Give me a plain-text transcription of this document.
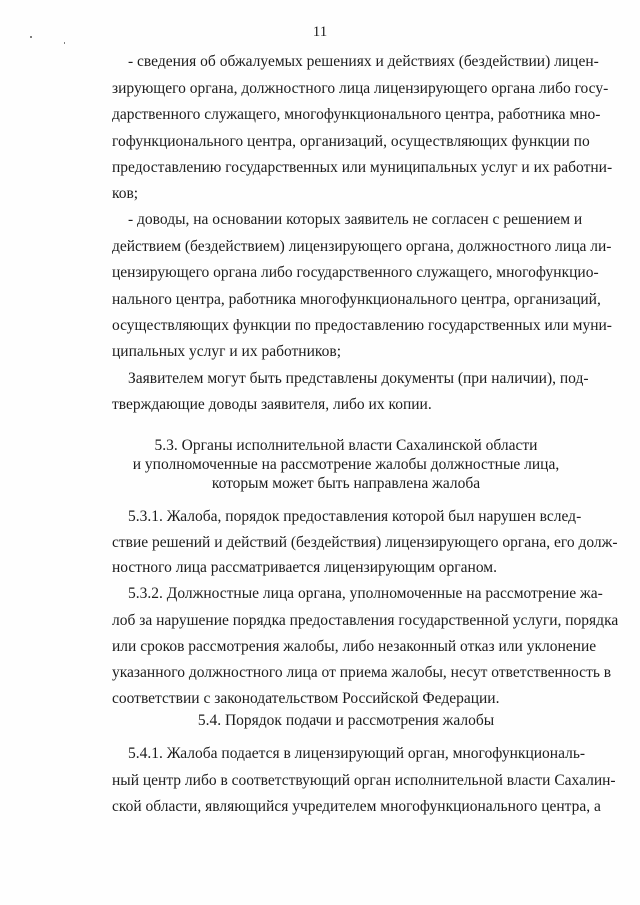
11
- сведения об обжалуемых решениях и действиях (бездействии) лицен-
зирующего органа, должностного лица лицензирующего органа либо госу-
дарственного служащего, многофункционального центра, работника мно-
гофункционального центра, организаций, осуществляющих функции по
предоставлению государственных или муниципальных услуг и их работни-
ков;
- доводы, на основании которых заявитель не согласен с решением и
действием (бездействием) лицензирующего органа, должностного лица ли-
цензирующего органа либо государственного служащего, многофункцио-
нального центра, работника многофункционального центра, организаций,
осуществляющих функции по предоставлению государственных или муни-
ципальных услуг и их работников;
Заявителем могут быть представлены документы (при наличии), под-
тверждающие доводы заявителя, либо их копии.
5.3. Органы исполнительной власти Сахалинской области
и уполномоченные на рассмотрение жалобы должностные лица,
которым может быть направлена жалоба
5.3.1. Жалоба, порядок предоставления которой был нарушен вслед-
ствие решений и действий (бездействия) лицензирующего органа, его долж-
ностного лица рассматривается лицензирующим органом.
5.3.2. Должностные лица органа, уполномоченные на рассмотрение жа-
лоб за нарушение порядка предоставления государственной услуги, порядка
или сроков рассмотрения жалобы, либо незаконный отказ или уклонение
указанного должностного лица от приема жалобы, несут ответственность в
соответствии с законодательством Российской Федерации.
5.4. Порядок подачи и рассмотрения жалобы
5.4.1. Жалоба подается в лицензирующий орган, многофункциональ-
ный центр либо в соответствующий орган исполнительной власти Сахалин-
ской области, являющийся учредителем многофункционального центра, а
